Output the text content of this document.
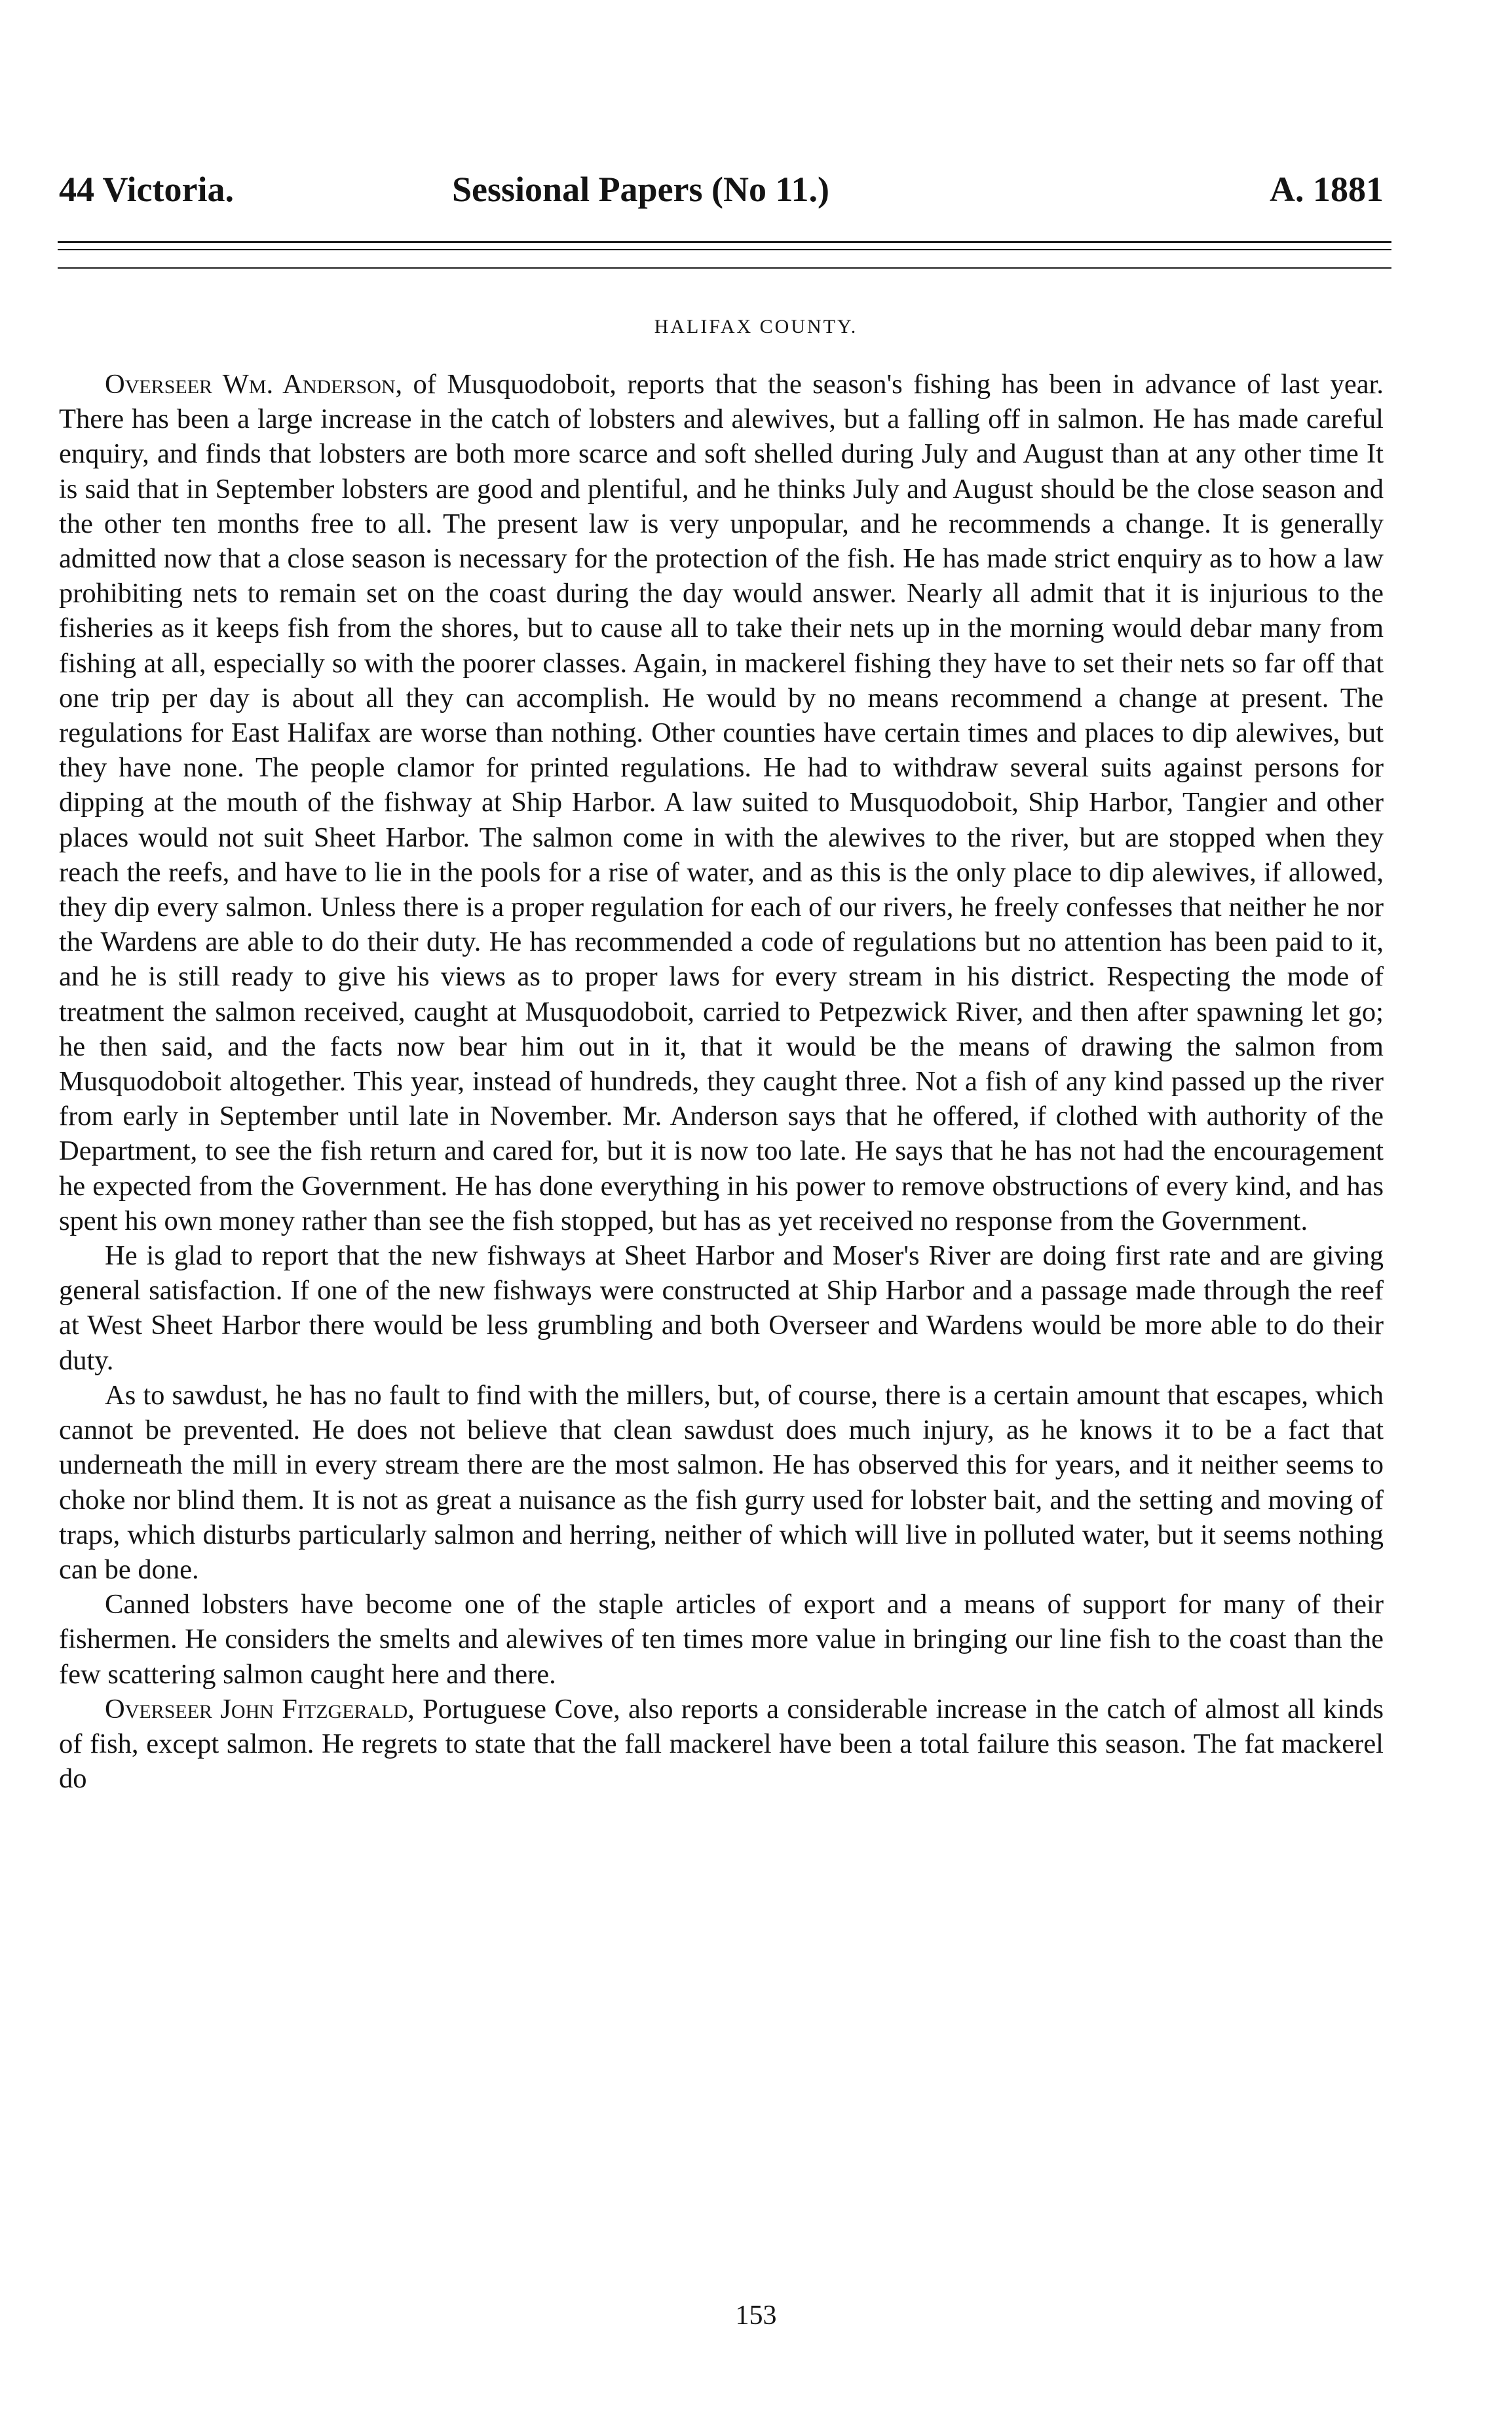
44 Victoria.	Sessional Papers (No 11.)	A. 1881
HALIFAX COUNTY.

Overseer Wm. Anderson, of Musquodoboit, reports that the season's fishing has been in advance of last year. There has been a large increase in the catch of lobsters and alewives, but a falling off in salmon. He has made careful enquiry, and finds that lobsters are both more scarce and soft shelled during July and August than at any other time It is said that in September lobsters are good and plentiful, and he thinks July and August should be the close season and the other ten months free to all. The present law is very unpopular, and he recommends a change. It is generally admitted now that a close season is necessary for the protection of the fish. He has made strict enquiry as to how a law prohibiting nets to remain set on the coast during the day would answer. Nearly all admit that it is injurious to the fisheries as it keeps fish from the shores, but to cause all to take their nets up in the morning would debar many from fishing at all, especially so with the poorer classes. Again, in mackerel fishing they have to set their nets so far off that one trip per day is about all they can accomplish. He would by no means recommend a change at present. The regulations for East Halifax are worse than nothing. Other counties have certain times and places to dip alewives, but they have none. The people clamor for printed regulations. He had to withdraw several suits against persons for dipping at the mouth of the fishway at Ship Harbor. A law suited to Musquodoboit, Ship Harbor, Tangier and other places would not suit Sheet Harbor. The salmon come in with the alewives to the river, but are stopped when they reach the reefs, and have to lie in the pools for a rise of water, and as this is the only place to dip alewives, if allowed, they dip every salmon. Unless there is a proper regulation for each of our rivers, he freely confesses that neither he nor the Wardens are able to do their duty. He has recommended a code of regulations but no attention has been paid to it, and he is still ready to give his views as to proper laws for every stream in his district. Respecting the mode of treatment the salmon received, caught at Musquodoboit, carried to Petpezwick River, and then after spawning let go; he then said, and the facts now bear him out in it, that it would be the means of drawing the salmon from Musquodoboit altogether. This year, instead of hundreds, they caught three. Not a fish of any kind passed up the river from early in September until late in November. Mr. Anderson says that he offered, if clothed with authority of the Department, to see the fish return and cared for, but it is now too late. He says that he has not had the encouragement he expected from the Government. He has done everything in his power to remove obstructions of every kind, and has spent his own money rather than see the fish stopped, but has as yet received no response from the Government.

He is glad to report that the new fishways at Sheet Harbor and Moser's River are doing first rate and are giving general satisfaction. If one of the new fishways were constructed at Ship Harbor and a passage made through the reef at West Sheet Harbor there would be less grumbling and both Overseer and Wardens would be more able to do their duty.

As to sawdust, he has no fault to find with the millers, but, of course, there is a certain amount that escapes, which cannot be prevented. He does not believe that clean sawdust does much injury, as he knows it to be a fact that underneath the mill in every stream there are the most salmon. He has observed this for years, and it neither seems to choke nor blind them. It is not as great a nuisance as the fish gurry used for lobster bait, and the setting and moving of traps, which disturbs particularly salmon and herring, neither of which will live in polluted water, but it seems nothing can be done.

Canned lobsters have become one of the staple articles of export and a means of support for many of their fishermen. He considers the smelts and alewives of ten times more value in bringing our line fish to the coast than the few scattering salmon caught here and there.

Overseer John Fitzgerald, Portuguese Cove, also reports a considerable increase in the catch of almost all kinds of fish, except salmon. He regrets to state that the fall mackerel have been a total failure this season. The fat mackerel do

153
